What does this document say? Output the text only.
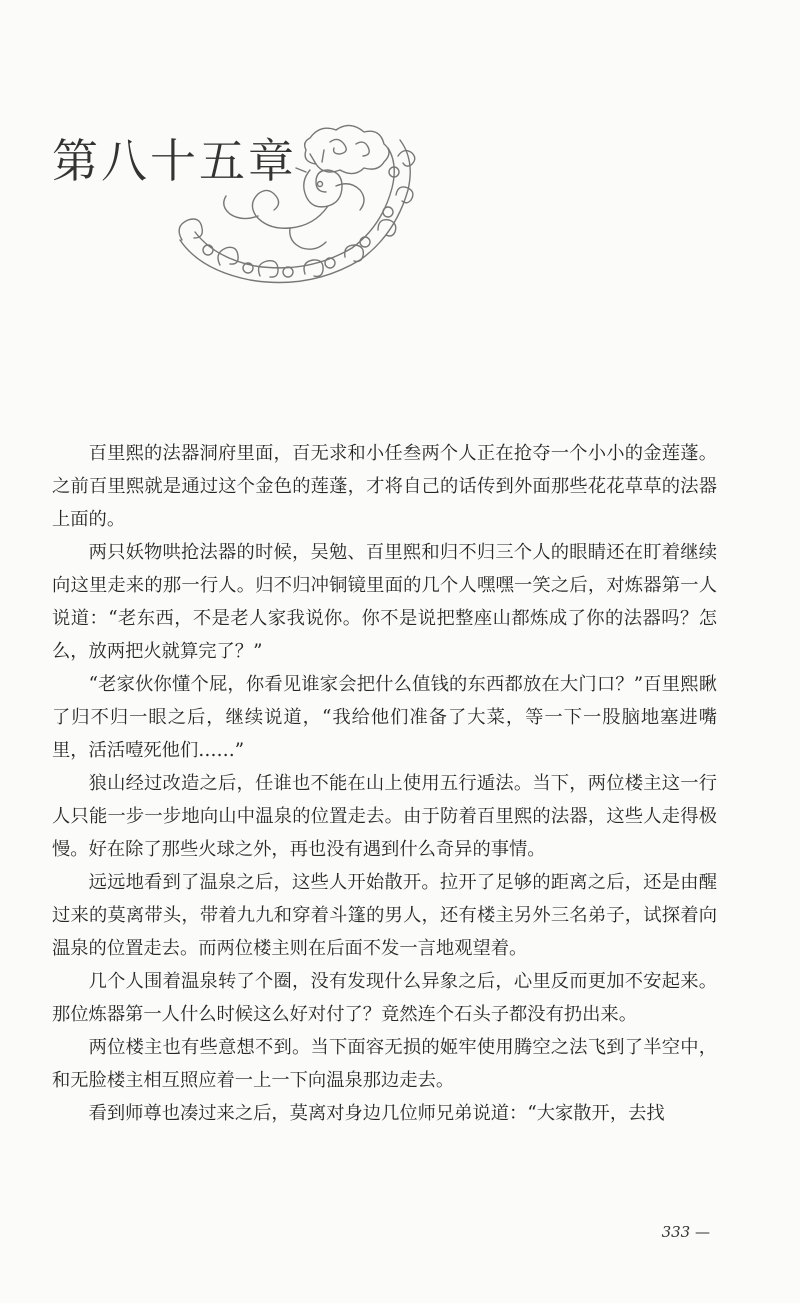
第八十五章

百里熙的法器洞府里面，百无求和小任叁两个人正在抢夺一个小小的金莲蓬。之前百里熙就是通过这个金色的莲蓬，才将自己的话传到外面那些花花草草的法器上面的。

两只妖物哄抢法器的时候，吴勉、百里熙和归不归三个人的眼睛还在盯着继续向这里走来的那一行人。归不归冲铜镜里面的几个人嘿嘿一笑之后，对炼器第一人说道：“老东西，不是老人家我说你。你不是说把整座山都炼成了你的法器吗？怎么，放两把火就算完了？”

“老家伙你懂个屁，你看见谁家会把什么值钱的东西都放在大门口？”百里熙瞅了归不归一眼之后，继续说道，“我给他们准备了大菜，等一下一股脑地塞进嘴里，活活噎死他们……”

狼山经过改造之后，任谁也不能在山上使用五行遁法。当下，两位楼主这一行人只能一步一步地向山中温泉的位置走去。由于防着百里熙的法器，这些人走得极慢。好在除了那些火球之外，再也没有遇到什么奇异的事情。

远远地看到了温泉之后，这些人开始散开。拉开了足够的距离之后，还是由醒过来的莫离带头，带着九九和穿着斗篷的男人，还有楼主另外三名弟子，试探着向温泉的位置走去。而两位楼主则在后面不发一言地观望着。

几个人围着温泉转了个圈，没有发现什么异象之后，心里反而更加不安起来。那位炼器第一人什么时候这么好对付了？竟然连个石头子都没有扔出来。

两位楼主也有些意想不到。当下面容无损的姬牢使用腾空之法飞到了半空中，和无脸楼主相互照应着一上一下向温泉那边走去。

看到师尊也凑过来之后，莫离对身边几位师兄弟说道：“大家散开，去找

333 —
